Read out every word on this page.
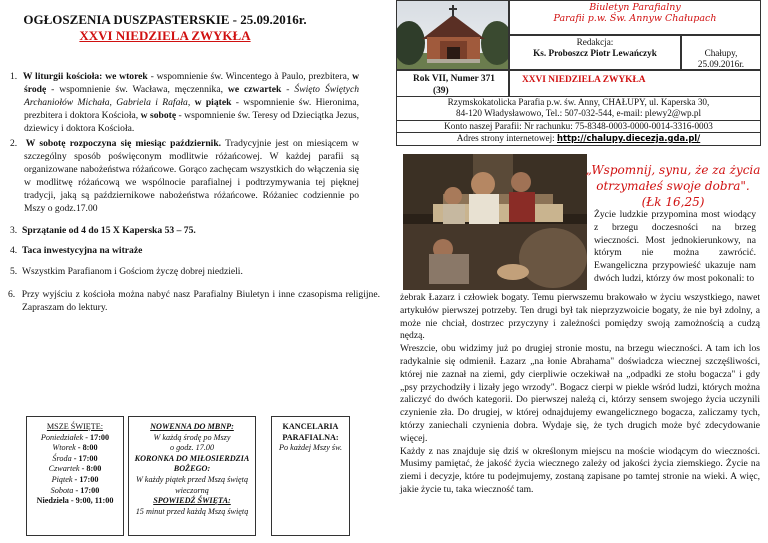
OGŁOSZENIA DUSZPASTERSKIE - 25.09.2016r.
XXVI NIEDZIELA ZWYKŁA
1. W liturgii kościoła: we wtorek - wspomnienie św. Wincentego à Paulo, prezbitera, w środę - wspomnienie św. Wacława, męczennika, we czwartek - Święto Świętych Archaniołów Michała, Gabriela i Rafała, w piątek - wspomnienie św. Hieronima, prezbitera i doktora Kościoła, w sobotę - wspomnienie św. Teresy od Dzieciątka Jezus, dziewicy i doktora Kościoła.
2. W sobotę rozpoczyna się miesiąc październik. Tradycyjnie jest on miesiącem w szczególny sposób poświęconym modlitwie różańcowej. W każdej parafii są organizowane nabożeństwa różańcowe. Gorąco zachęcam wszystkich do włączenia się w modlitwę różańcową we wspólnocie parafialnej i podtrzymywania tej pięknej tradycji, jaką są październikowe nabożeństwa różańcowe. Różaniec codziennie po Mszy o godz.17.00
3. Sprzątanie od 4 do 15 X Kaperska 53 – 75.
4. Taca inwestycyjna na witraże
5. Wszystkim Parafianom i Gościom życzę dobrej niedzieli.
6. Przy wyjściu z kościoła można nabyć nasz Parafialny Biuletyn i inne czasopisma religijne. Zapraszam do lektury.
MSZE ŚWIĘTE:
Poniedziałek - 17:00
Wtorek - 8:00
Środa - 17:00
Czwartek - 8:00
Piątek - 17:00
Sobota - 17:00
Niedziela - 9:00, 11:00
NOWENNA DO MBNP:
W każdą środę po Mszy
o godz. 17.00
KORONKA DO MIŁOSIERDZIA BOŻEGO:
W każdy piątek przed Mszą świętą wieczorną
SPOWIEDŹ ŚWIĘTA:
15 minut przed każdą Mszą świętą
KANCELARIA PARAFIALNA:
Po każdej Mszy św.
Biuletyn Parafialny
Parafii p.w. Św. Annyw Chałupach
Redakcja:
Ks. Proboszcz Piotr Lewańczyk	Chałupy,
25.09.2016r.
Rok VII, Numer 371
(39)
XXVI NIEDZIELA ZWYKŁA
Rzymskokatolicka Parafia p.w. św. Anny, CHAŁUPY, ul. Kaperska 30,
84-120 Władysławowo, Tel.: 507-032-544, e-mail: plewy2@wp.pl
Konto naszej Parafii: Nr rachunku: 75-8348-0003-0000-0014-3316-0003
Adres strony internetowej: http://chalupy.diecezja.gda.pl/
„Wspomnij, synu, że za życia
otrzymałeś swoje dobra".
(Łk 16,25)

Życie ludzkie przypomina most wiodący z brzegu doczesności na brzeg wieczności. Most jednokierunkowy, na którym nie można zawrócić. Ewangeliczna przypowieść ukazuje nam dwóch ludzi, którzy ów most pokonali: to

żebrak Łazarz i człowiek bogaty. Temu pierwszemu brakowało w życiu wszystkiego, nawet artykułów pierwszej potrzeby. Ten drugi był tak nieprzyzwoicie bogaty, że nie był zdolny, a może nie chciał, dostrzec przyczyny i zależności pomiędzy swoją zamożnością a cudzą nędzą.

Wreszcie, obu widzimy już po drugiej stronie mostu, na brzegu wieczności. A tam ich los radykalnie się odmienił. Łazarz „na łonie Abrahama" doświadcza wiecznej szczęśliwości, której nie zaznał na ziemi, gdy cierpliwie oczekiwał na „odpadki ze stołu bogacza" i gdy „psy przychodziły i lizały jego wrzody". Bogacz cierpi w piekle wśród ludzi, których można zaliczyć do dwóch kategorii. Do pierwszej należą ci, którzy sensem swojego życia uczynili czynienie zła. Do drugiej, w której odnajdujemy ewangelicznego bogacza, zaliczamy tych, którzy zaniechali czynienia dobra. Wydaje się, że tych drugich może być zdecydowanie więcej.

Każdy z nas znajduje się dziś w określonym miejscu na moście wiodącym do wieczności. Musimy pamiętać, że jakość życia wiecznego zależy od jakości życia ziemskiego. Życie na ziemi i decyzje, które tu podejmujemy, zostaną zapisane po tamtej stronie na wieki. A więc, jakie życie tu, taka wieczność tam.
